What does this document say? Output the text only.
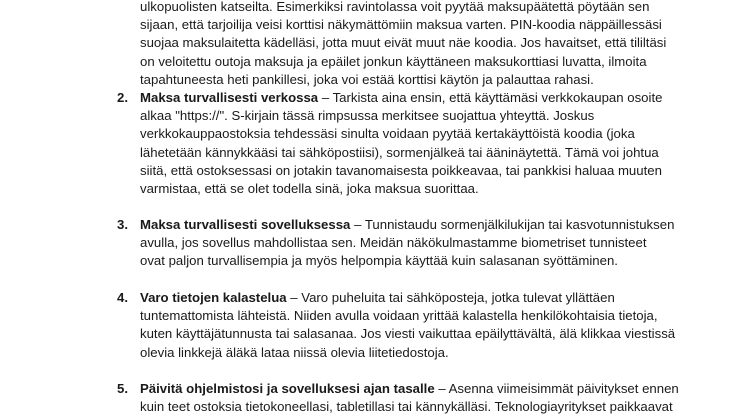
ulkopuolisten katseilta. Esimerkiksi ravintolassa voit pyytää maksupäätettä pöytään sen
sijaan, että tarjoilija veisi korttisi näkymättömiin maksua varten. PIN-koodia näppäillessäsi
suojaa maksulaitetta kädelläsi, jotta muut eivät muut näe koodia. Jos havaitset, että tililtäsi
on veloitettu outoja maksuja ja epäilet jonkun käyttäneen maksukorttiasi luvatta, ilmoita
tapahtuneesta heti pankillesi, joka voi estää korttisi käytön ja palauttaa rahasi.
2. Maksa turvallisesti verkossa – Tarkista aina ensin, että käyttämäsi verkkokaupan osoite
alkaa "https://". S-kirjain tässä rimpsussa merkitsee suojattua yhteyttä. Joskus
verkkokauppaostoksia tehdessäsi sinulta voidaan pyytää kertakäyttöistä koodia (joka
lähetetään kännykkääsi tai sähköpostiisi), sormenjälkeä tai ääninäytettä. Tämä voi johtua
siitä, että ostoksessasi on jotakin tavanomaisesta poikkeavaa, tai pankkisi haluaa muuten
varmistaa, että se olet todella sinä, joka maksua suorittaa.
3. Maksa turvallisesti sovelluksessa – Tunnistaudu sormenjälkilukijan tai kasvotunnistuksen
avulla, jos sovellus mahdollistaa sen. Meidän näkökulmastamme biometriset tunnisteet
ovat paljon turvallisempia ja myös helpompia käyttää kuin salasanan syöttäminen.
4. Varo tietojen kalastelua – Varo puheluita tai sähköposteja, jotka tulevat yllättäen
tuntemattomista lähteistä. Niiden avulla voidaan yrittää kalastella henkilökohtaisia tietoja,
kuten käyttäjätunnusta tai salasanaa. Jos viesti vaikuttaa epäilyttävältä, älä klikkaa viestissä
olevia linkkejä äläkä lataa niissä olevia liitetiedostoja.
5. Päivitä ohjelmistosi ja sovelluksesi ajan tasalle – Asenna viimeisimmät päivitykset ennen
kuin teet ostoksia tietokoneellasi, tabletillasi tai kännykälläsi. Teknologiayritykset paikkaavat
